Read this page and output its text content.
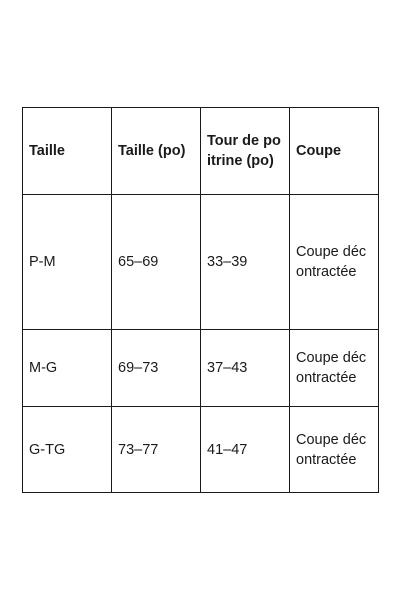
Taille	Taille (po)	Tour de poitrine (po)	Coupe
P-M	65–69	33–39	Coupe décontractée
M-G	69–73	37–43	Coupe décontractée
G-TG	73–77	41–47	Coupe décontractée
